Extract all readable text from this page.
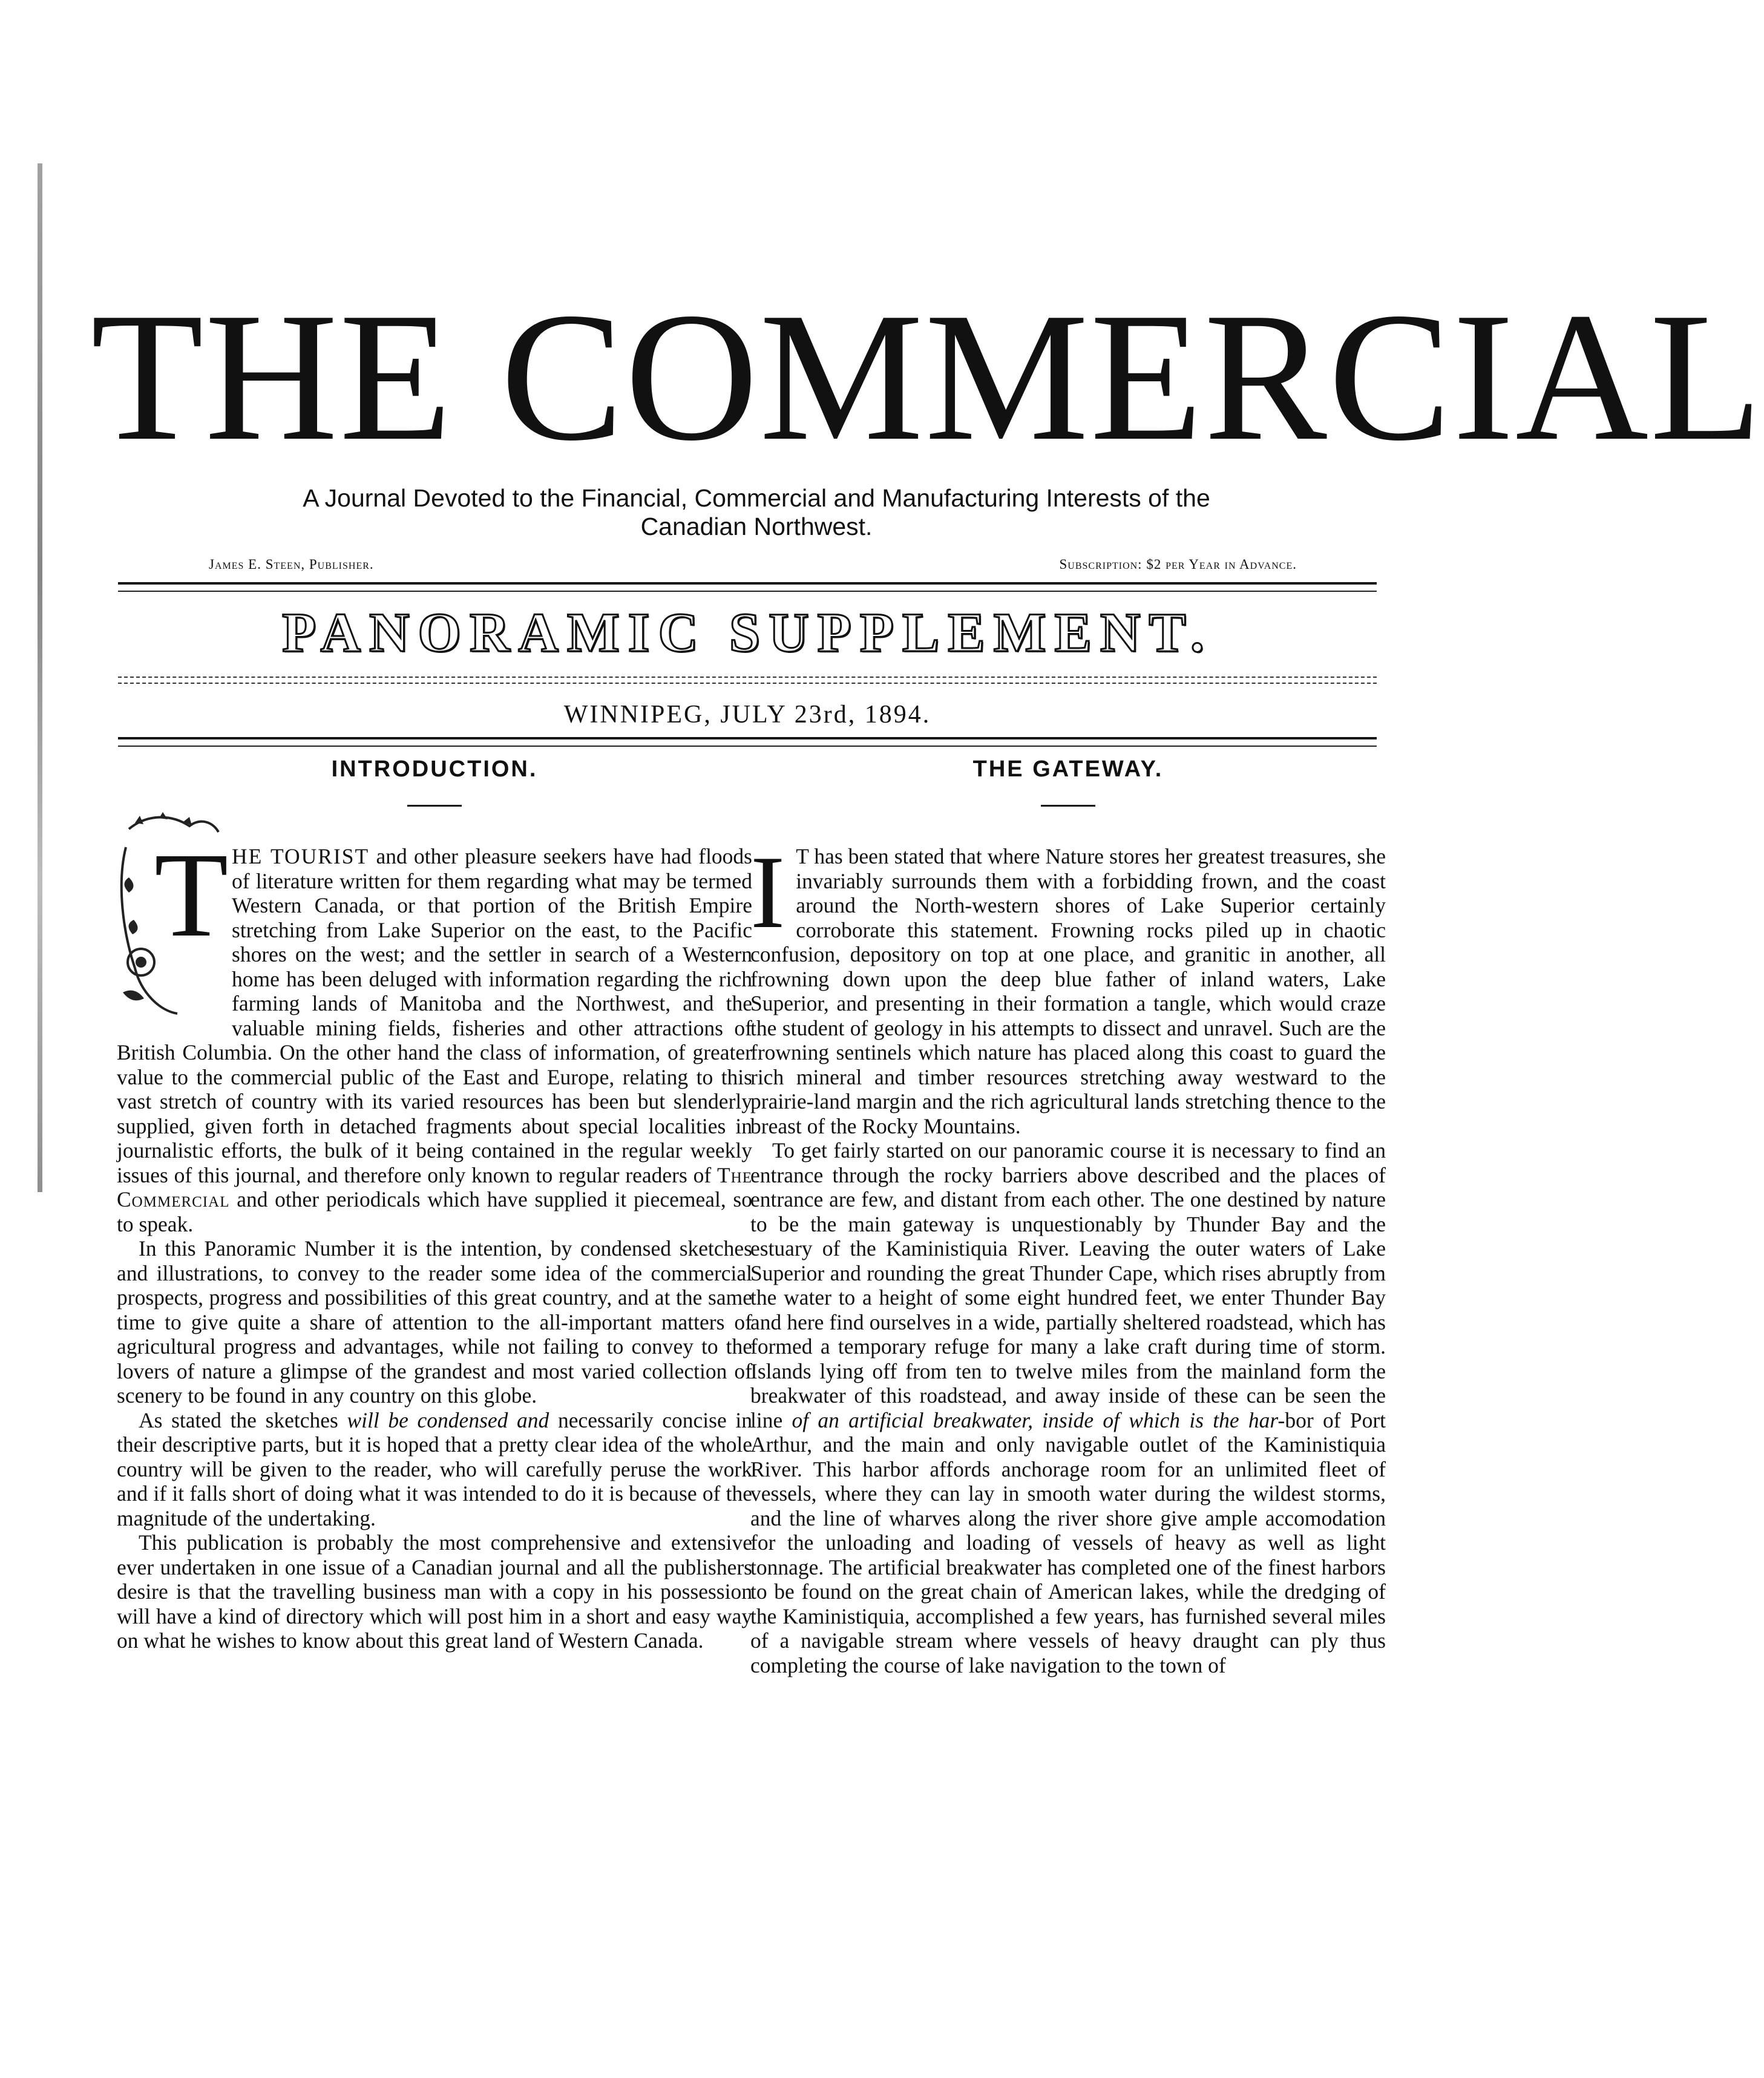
THE COMMERCIAL
A Journal Devoted to the Financial, Commercial and Manufacturing Interests of the Canadian Northwest.
James E. Steen, Publisher.	Subscription: $2 per Year in Advance.
PANORAMIC SUPPLEMENT.
WINNIPEG, JULY 23rd, 1894.
INTRODUCTION.

T HE TOURIST and other pleasure seekers have had floods of literature written for them regarding what may be termed Western Canada, or that portion of the British Empire stretching from Lake Superior on the east, to the Pacific shores on the west; and the settler in search of a Western home has been deluged with information regarding the rich farming lands of Manitoba and the Northwest, and the valuable mining fields, fisheries and other attractions of British Columbia. On the other hand the class of information, of greater value to the commercial public of the East and Europe, relating to this vast stretch of country with its varied resources has been but slenderly supplied, given forth in detached fragments about special localities in journalistic efforts, the bulk of it being contained in the regular weekly issues of this journal, and therefore only known to regular readers of The Commercial and other periodicals which have supplied it piecemeal, so to speak.

In this Panoramic Number it is the intention, by condensed sketches and illustrations, to convey to the reader some idea of the commercial prospects, progress and possibilities of this great country, and at the same time to give quite a share of attention to the all-important matters of agricultural progress and advantages, while not failing to convey to the lovers of nature a glimpse of the grandest and most varied collection of scenery to be found in any country on this globe.

As stated the sketches will be condensed and necessarily concise in their descriptive parts, but it is hoped that a pretty clear idea of the whole country will be given to the reader, who will carefully peruse the work and if it falls short of doing what it was intended to do it is because of the magnitude of the undertaking.

This publication is probably the most comprehensive and extensive ever undertaken in one issue of a Canadian journal and all the publishers desire is that the travelling business man with a copy in his possession will have a kind of directory which will post him in a short and easy way on what he wishes to know about this great land of Western Canada.

THE GATEWAY.

I T has been stated that where Nature stores her greatest treasures, she invariably surrounds them with a forbidding frown, and the coast around the North-western shores of Lake Superior certainly corroborate this statement. Frowning rocks piled up in chaotic confusion, depository on top at one place, and granitic in another, all frowning down upon the deep blue father of inland waters, Lake Superior, and presenting in their formation a tangle, which would craze the student of geology in his attempts to dissect and unravel. Such are the frowning sentinels which nature has placed along this coast to guard the rich mineral and timber resources stretching away westward to the prairie-land margin and the rich agricultural lands stretching thence to the breast of the Rocky Mountains.

To get fairly started on our panoramic course it is necessary to find an entrance through the rocky barriers above described and the places of entrance are few, and distant from each other. The one destined by nature to be the main gateway is unquestionably by Thunder Bay and the estuary of the Kaministiquia River. Leaving the outer waters of Lake Superior and rounding the great Thunder Cape, which rises abruptly from the water to a height of some eight hundred feet, we enter Thunder Bay and here find ourselves in a wide, partially sheltered roadstead, which has formed a temporary refuge for many a lake craft during time of storm. Islands lying off from ten to twelve miles from the mainland form the breakwater of this roadstead, and away inside of these can be seen the line of an artificial breakwater, inside of which is the har-bor of Port Arthur, and the main and only navigable outlet of the Kaministiquia River. This harbor affords anchorage room for an unlimited fleet of vessels, where they can lay in smooth water during the wildest storms, and the line of wharves along the river shore give ample accomodation for the unloading and loading of vessels of heavy as well as light tonnage. The artificial breakwater has completed one of the finest harbors to be found on the great chain of American lakes, while the dredging of the Kaministiquia, accomplished a few years, has furnished several miles of a navigable stream where vessels of heavy draught can ply thus completing the course of lake navigation to the town of
